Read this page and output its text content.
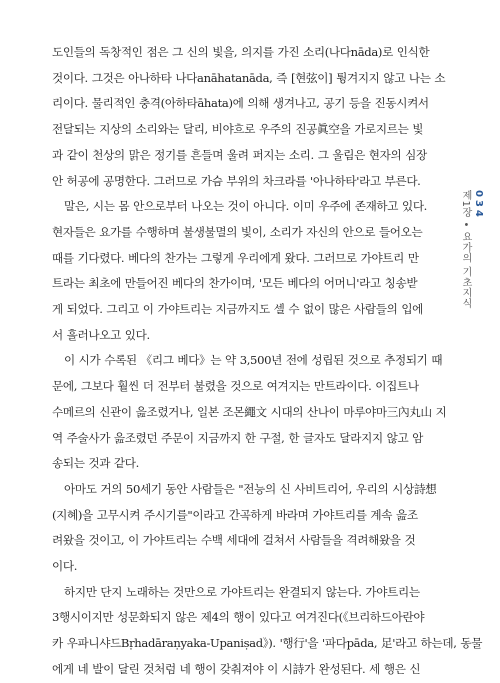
도인들의 독창적인 점은 그 신의 빛을, 의지를 가진 소리(나다nāda)로 인식한
것이다. 그것은 아나하타 나다anāhatanāda, 즉 [현弦이] 튕겨지지 않고 나는 소
리이다. 물리적인 충격(아하타āhata)에 의해 생겨나고, 공기 등을 진동시켜서
전달되는 지상의 소리와는 달리, 비야흐로 우주의 진공眞空을 가로지르는 빛
과 같이 천상의 맑은 정기를 흔들며 울려 퍼지는 소리. 그 울림은 현자의 심장
안 허공에 공명한다. 그러므로 가슴 부위의 차크라를 '아나하타'라고 부른다.
말은, 시는 몸 안으로부터 나오는 것이 아니다. 이미 우주에 존재하고 있다.
현자들은 요가를 수행하며 불생불멸의 빛이, 소리가 자신의 안으로 들어오는
때를 기다렸다. 베다의 찬가는 그렇게 우리에게 왔다. 그러므로 가야트리 만
트라는 최초에 만들어진 베다의 찬가이며, '모든 베다의 어머니'라고 칭송받
게 되었다. 그리고 이 가야트리는 지금까지도 셀 수 없이 많은 사람들의 입에
서 흘러나오고 있다.
이 시가 수록된 《리그 베다》는 약 3,500년 전에 성립된 것으로 추정되기 때
문에, 그보다 훨씬 더 전부터 불렸을 것으로 여겨지는 만트라이다. 이집트나
수메르의 신관이 읊조렸거나, 일본 조몬繩文 시대의 산나이 마루야마三內丸山 지
역 주술사가 읊조렸던 주문이 지금까지 한 구절, 한 글자도 달라지지 않고 암
송되는 것과 같다.
아마도 거의 50세기 동안 사람들은 "전능의 신 사비트리어, 우리의 시상詩想
(지혜)을 고무시켜 주시기를"이라고 간곡하게 바라며 가야트리를 계속 읊조
려왔을 것이고, 이 가야트리는 수백 세대에 걸쳐서 사람들을 격려해왔을 것
이다.
하지만 단지 노래하는 것만으로 가야트리는 완결되지 않는다. 가야트리는
3행시이지만 성문화되지 않은 제4의 행이 있다고 여겨진다(《브리하드아란야
카 우파니샤드Bṛhadāraṇyaka-Upaniṣad》). '행行'을 '파다pāda, 足'라고 하는데, 동물
에게 네 발이 달린 것처럼 네 행이 갖춰져야 이 시詩가 완성된다. 세 행은 신
034
제1장 • 요가의 기초지식
